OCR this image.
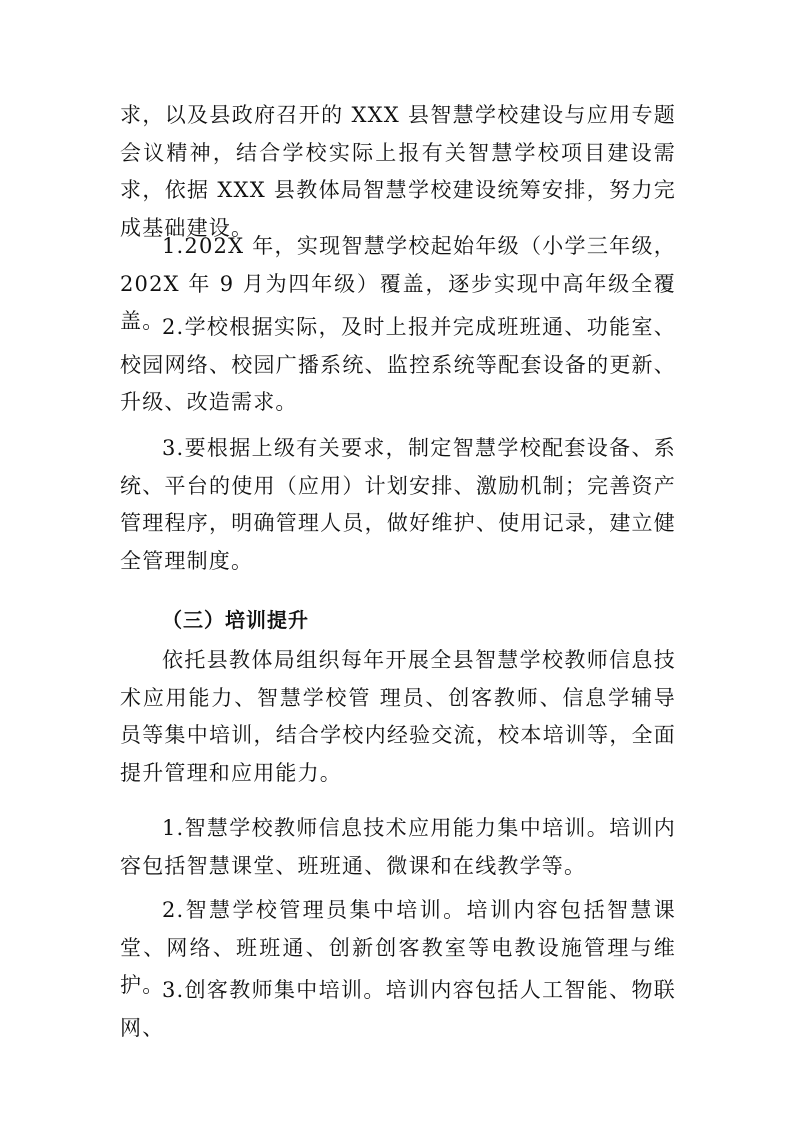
求，以及县政府召开的 XXX 县智慧学校建设与应用专题会议精神，结合学校实际上报有关智慧学校项目建设需求，依据 XXX 县教体局智慧学校建设统筹安排，努力完成基础建设。

1.202X 年，实现智慧学校起始年级（小学三年级，202X 年 9 月为四年级）覆盖，逐步实现中高年级全覆盖。

2.学校根据实际，及时上报并完成班班通、功能室、校园网络、校园广播系统、监控系统等配套设备的更新、升级、改造需求。

3.要根据上级有关要求，制定智慧学校配套设备、系统、平台的使用（应用）计划安排、激励机制；完善资产管理程序，明确管理人员，做好维护、使用记录，建立健全管理制度。

（三）培训提升

依托县教体局组织每年开展全县智慧学校教师信息技术应用能力、智慧学校管 理员、创客教师、信息学辅导员等集中培训，结合学校内经验交流，校本培训等，全面提升管理和应用能力。

1.智慧学校教师信息技术应用能力集中培训。培训内容包括智慧课堂、班班通、微课和在线教学等。

2.智慧学校管理员集中培训。培训内容包括智慧课堂、网络、班班通、创新创客教室等电教设施管理与维护。

3.创客教师集中培训。培训内容包括人工智能、物联网、
